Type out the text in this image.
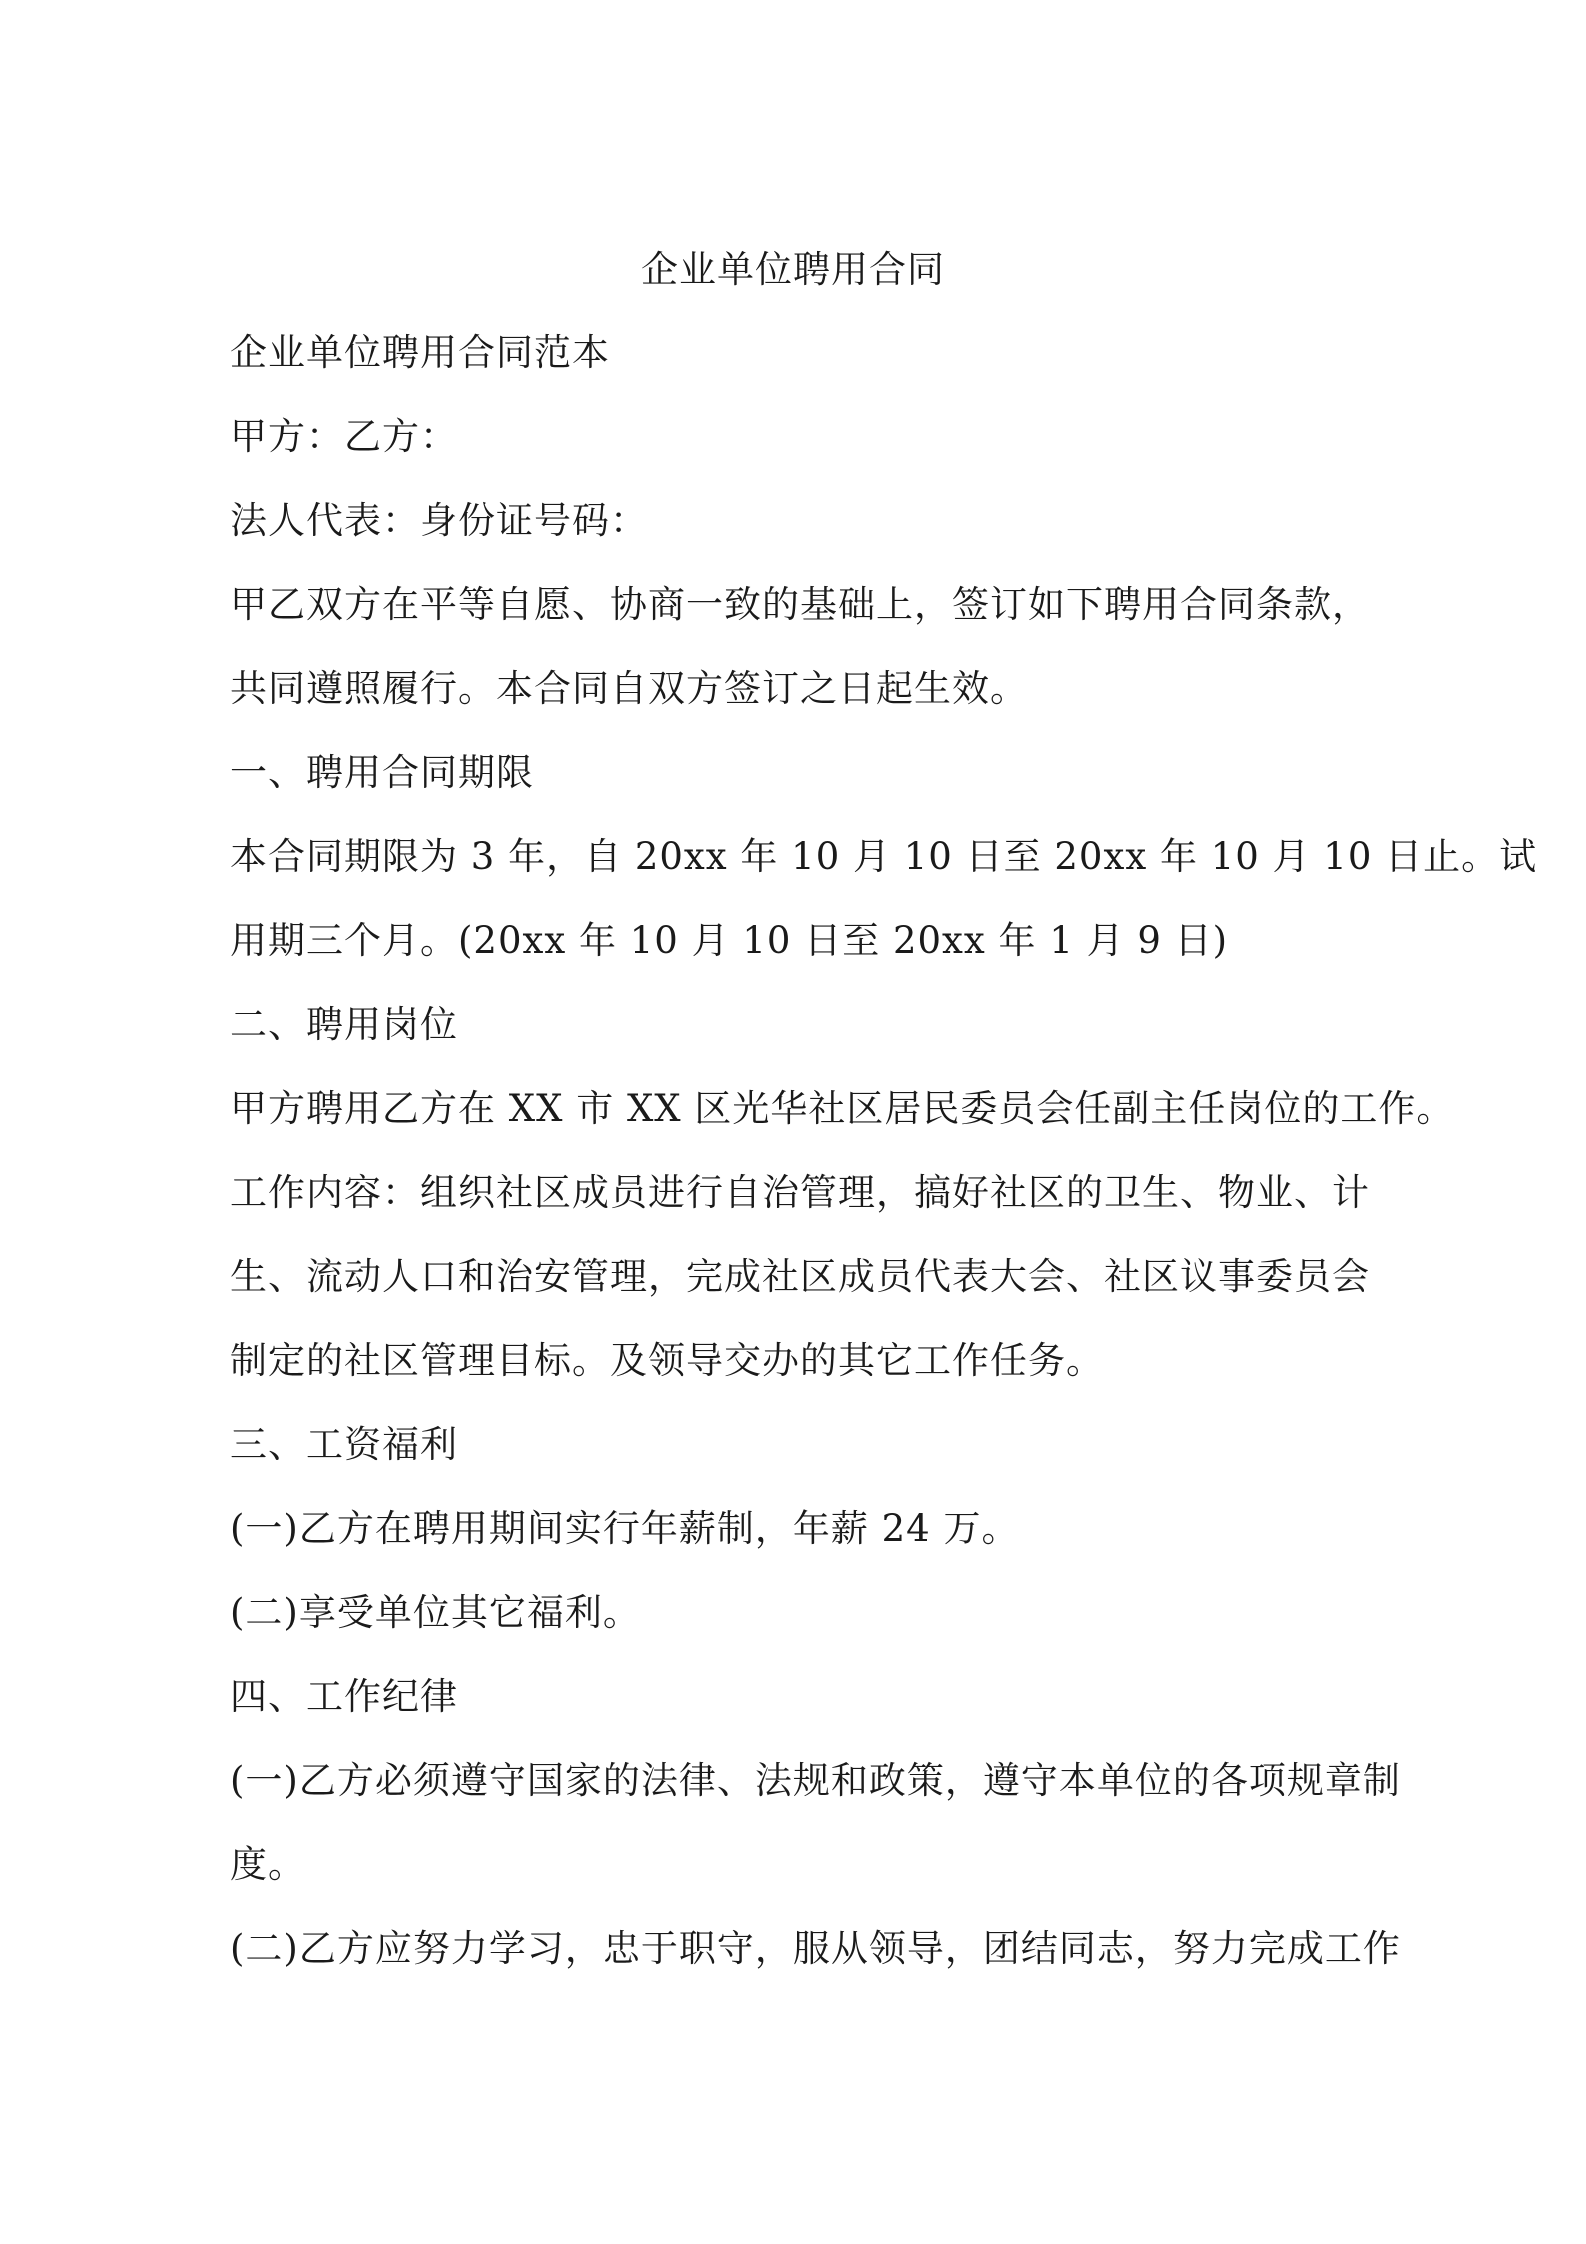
企业单位聘用合同
企业单位聘用合同范本
甲方：乙方：
法人代表：身份证号码：
甲乙双方在平等自愿、协商一致的基础上，签订如下聘用合同条款，
共同遵照履行。本合同自双方签订之日起生效。
一、聘用合同期限
本合同期限为 3 年，自 20xx 年 10 月 10 日至 20xx 年 10 月 10 日止。试
用期三个月。(20xx 年 10 月 10 日至 20xx 年 1 月 9 日)
二、聘用岗位
甲方聘用乙方在 XX 市 XX 区光华社区居民委员会任副主任岗位的工作。
工作内容：组织社区成员进行自治管理，搞好社区的卫生、物业、计
生、流动人口和治安管理，完成社区成员代表大会、社区议事委员会
制定的社区管理目标。及领导交办的其它工作任务。
三、工资福利
(一)乙方在聘用期间实行年薪制，年薪 24 万。
(二)享受单位其它福利。
四、工作纪律
(一)乙方必须遵守国家的法律、法规和政策，遵守本单位的各项规章制
度。
(二)乙方应努力学习，忠于职守，服从领导，团结同志，努力完成工作
